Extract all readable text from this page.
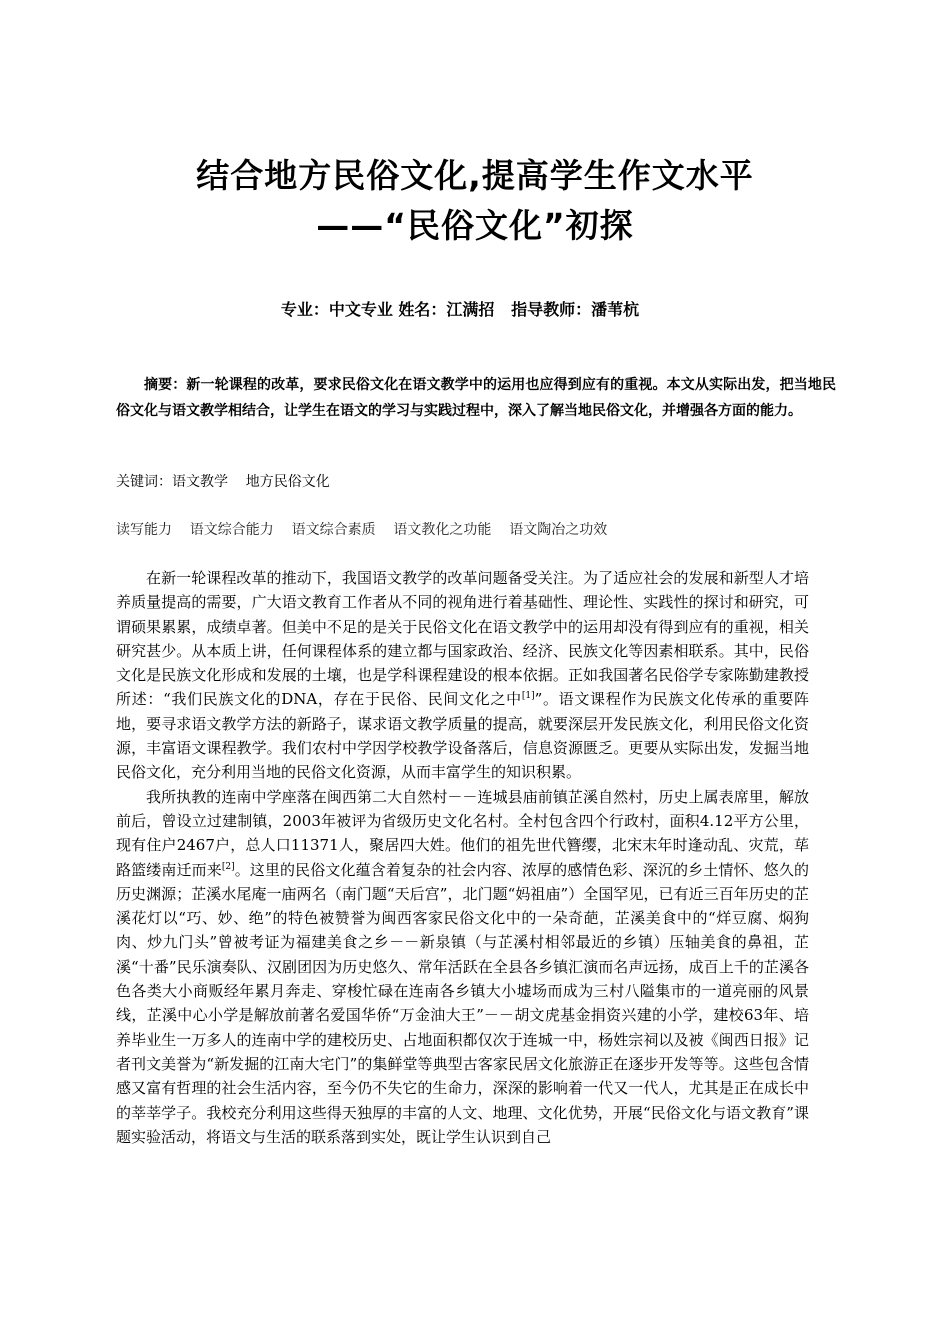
结合地方民俗文化,提高学生作文水平
——“民俗文化”初探
专业：中文专业 姓名：江满招   指导教师：潘苇杭
摘要：新一轮课程的改革，要求民俗文化在语文教学中的运用也应得到应有的重视。本文从实际出发，把当地民俗文化与语文教学相结合，让学生在语文的学习与实践过程中，深入了解当地民俗文化，并增强各方面的能力。
关键词：语文教学    地方民俗文化
读写能力    语文综合能力    语文综合素质    语文教化之功能    语文陶冶之功效

在新一轮课程改革的推动下，我国语文教学的改革问题备受关注。为了适应社会的发展和新型人才培养质量提高的需要，广大语文教育工作者从不同的视角进行着基础性、理论性、实践性的探讨和研究，可谓硕果累累，成绩卓著。但美中不足的是关于民俗文化在语文教学中的运用却没有得到应有的重视，相关研究甚少。从本质上讲，任何课程体系的建立都与国家政治、经济、民族文化等因素相联系。其中，民俗文化是民族文化形成和发展的土壤，也是学科课程建设的根本依据。正如我国著名民俗学专家陈勤建教授所述：“我们民族文化的DNA，存在于民俗、民间文化之中[1]”。语文课程作为民族文化传承的重要阵地，要寻求语文教学方法的新路子，谋求语文教学质量的提高，就要深层开发民族文化，利用民俗文化资源，丰富语文课程教学。我们农村中学因学校教学设备落后，信息资源匮乏。更要从实际出发，发掘当地民俗文化，充分利用当地的民俗文化资源，从而丰富学生的知识积累。

我所执教的连南中学座落在闽西第二大自然村－－连城县庙前镇芷溪自然村，历史上属表席里，解放前后，曾设立过建制镇，2003年被评为省级历史文化名村。全村包含四个行政村，面积4.12平方公里，现有住户2467户，总人口11371人，聚居四大姓。他们的祖先世代簪缨，北宋末年时逢动乱、灾荒，荜路篮缕南迁而来[2]。这里的民俗文化蕴含着复杂的社会内容、浓厚的感情色彩、深沉的乡土情怀、悠久的历史渊源；芷溪水尾庵一庙两名（南门题“天后宫”，北门题“妈祖庙”）全国罕见，已有近三百年历史的芷溪花灯以“巧、妙、绝”的特色被赞誉为闽西客家民俗文化中的一朵奇葩，芷溪美食中的“烊豆腐、焖狗肉、炒九门头”曾被考证为福建美食之乡－－新泉镇（与芷溪村相邻最近的乡镇）压轴美食的鼻祖，芷溪“十番”民乐演奏队、汉剧团因为历史悠久、常年活跃在全县各乡镇汇演而名声远扬，成百上千的芷溪各色各类大小商贩经年累月奔走、穿梭忙碌在连南各乡镇大小墟场而成为三村八隘集市的一道亮丽的风景线，芷溪中心小学是解放前著名爱国华侨“万金油大王”－－胡文虎基金捐资兴建的小学，建校63年、培养毕业生一万多人的连南中学的建校历史、占地面积都仅次于连城一中，杨姓宗祠以及被《闽西日报》记者刊文美誉为“新发掘的江南大宅门”的集鲜堂等典型古客家民居文化旅游正在逐步开发等等。这些包含情感又富有哲理的社会生活内容，至今仍不失它的生命力，深深的影响着一代又一代人，尤其是正在成长中的莘莘学子。我校充分利用这些得天独厚的丰富的人文、地理、文化优势，开展“民俗文化与语文教育”课题实验活动，将语文与生活的联系落到实处，既让学生认识到自己
